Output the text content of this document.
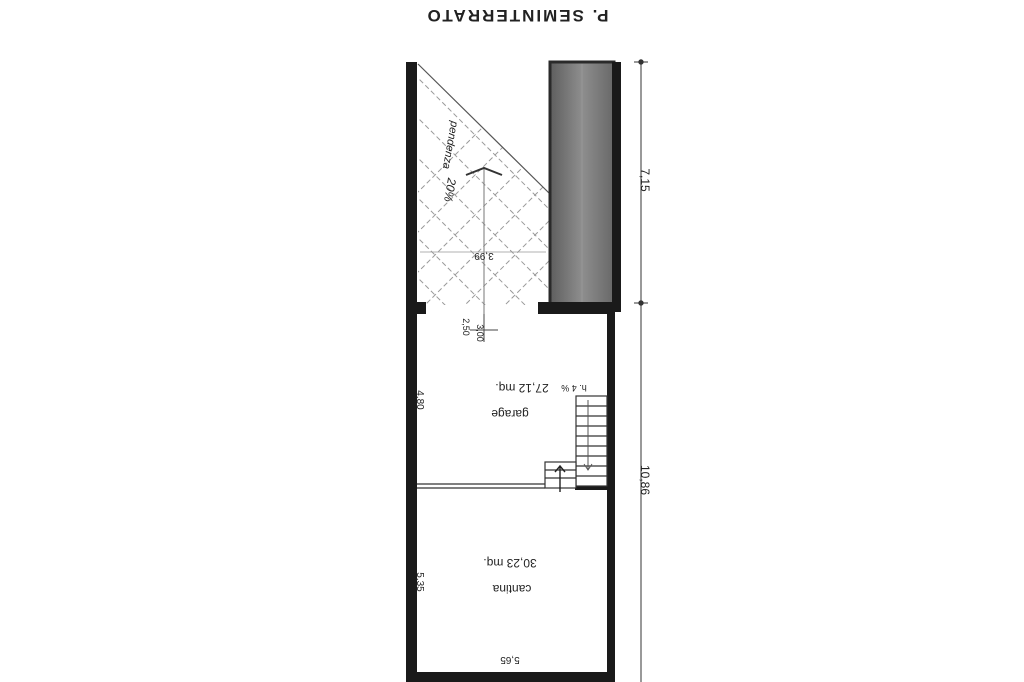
P. SEMINTERRATO
7,15
10,86
pendenza
20%
3,99
2,50 3,00
27,12 mq. h. 4 %
garage
4,80
30,23 mq.
cantina
5,35
5,65
